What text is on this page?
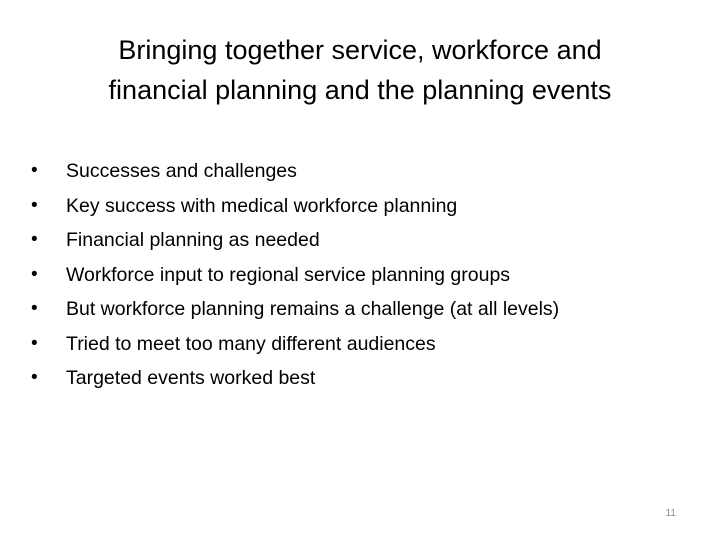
Bringing together service, workforce and
financial planning and the planning events
• Successes and challenges
• Key success with medical workforce planning
• Financial planning as needed
• Workforce input to regional service planning groups
• But workforce planning remains a challenge (at all levels)
• Tried to meet too many different audiences
• Targeted events worked best
11
